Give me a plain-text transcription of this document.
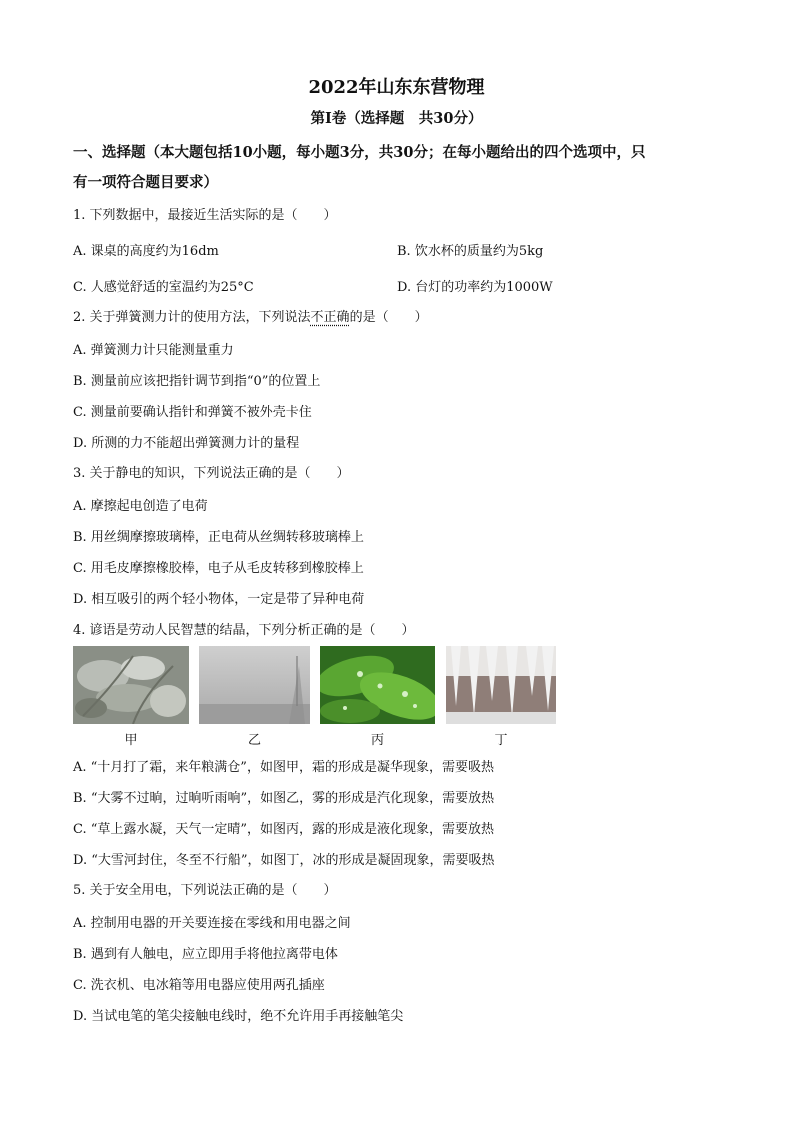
2022年山东东营物理
第Ⅰ卷（选择题　共30分）
一、选择题（本大题包括10小题，每小题3分，共30分；在每小题给出的四个选项中，只
有一项符合题目要求）
1. 下列数据中，最接近生活实际的是（　　）
A. 课桌的高度约为16dm	B. 饮水杯的质量约为5kg
C. 人感觉舒适的室温约为25°C	D. 台灯的功率约为1000W
2. 关于弹簧测力计的使用方法，下列说法不正确的是（　　）
A. 弹簧测力计只能测量重力
B. 测量前应该把指针调节到指“0”的位置上
C. 测量前要确认指针和弹簧不被外壳卡住
D. 所测的力不能超出弹簧测力计的量程
3. 关于静电的知识，下列说法正确的是（　　）
A. 摩擦起电创造了电荷
B. 用丝绸摩擦玻璃棒，正电荷从丝绸转移玻璃棒上
C. 用毛皮摩擦橡胶棒，电子从毛皮转移到橡胶棒上
D. 相互吸引的两个轻小物体，一定是带了异种电荷
4. 谚语是劳动人民智慧的结晶，下列分析正确的是（　　）
甲	乙	丙	丁
A. “十月打了霜，来年粮满仓”，如图甲，霜的形成是凝华现象，需要吸热
B. “大雾不过晌，过晌听雨响”，如图乙，雾的形成是汽化现象，需要放热
C. “草上露水凝，天气一定晴”，如图丙，露的形成是液化现象，需要放热
D. “大雪河封住，冬至不行船”，如图丁，冰的形成是凝固现象，需要吸热
5. 关于安全用电，下列说法正确的是（　　）
A. 控制用电器的开关要连接在零线和用电器之间
B. 遇到有人触电，应立即用手将他拉离带电体
C. 洗衣机、电冰箱等用电器应使用两孔插座
D. 当试电笔的笔尖接触电线时，绝不允许用手再接触笔尖
